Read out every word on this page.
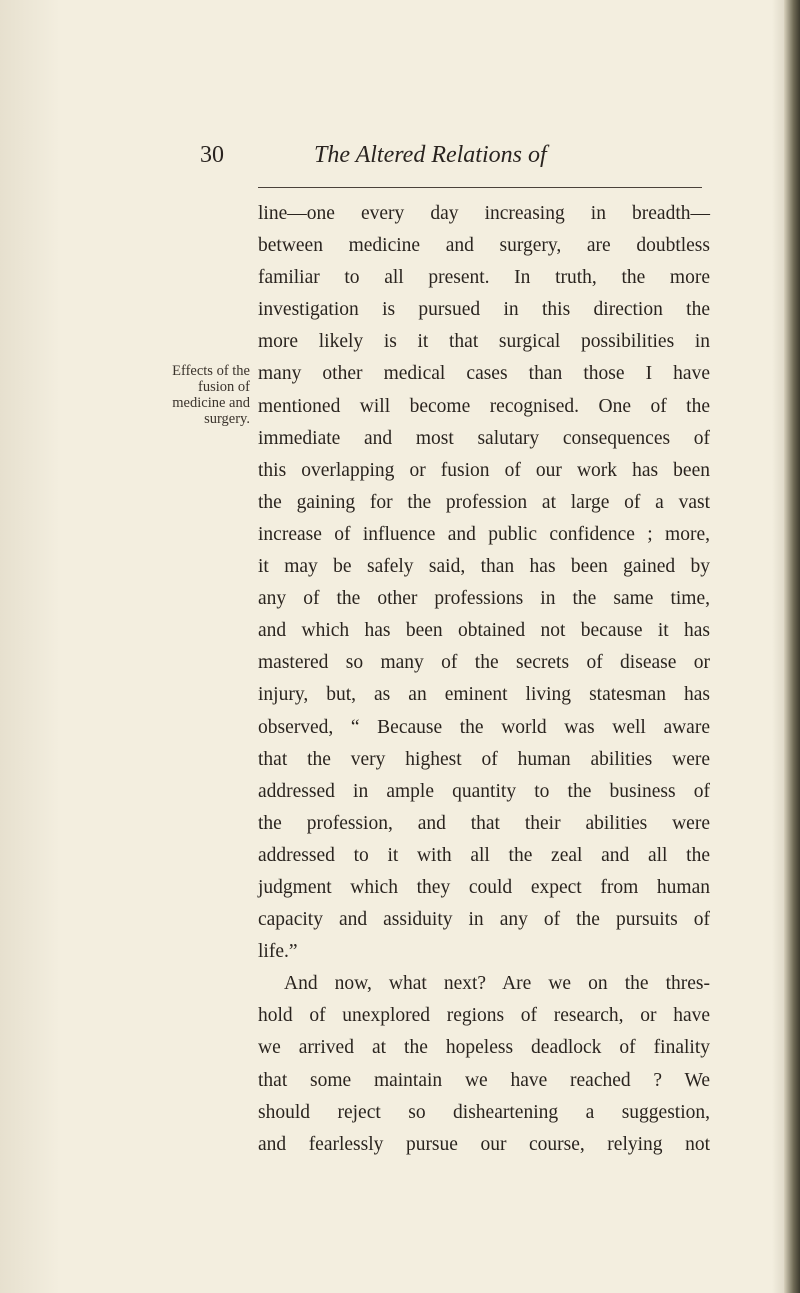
30	The Altered Relations of
Effects of the
fusion of
medicine and
surgery.
line—one every day increasing in breadth—
between medicine and surgery, are doubtless
familiar to all present. In truth, the more
investigation is pursued in this direction the
more likely is it that surgical possibilities in
many other medical cases than those I have
mentioned will become recognised. One of the
immediate and most salutary consequences of
this overlapping or fusion of our work has been
the gaining for the profession at large of a vast
increase of influence and public confidence ; more,
it may be safely said, than has been gained by
any of the other professions in the same time,
and which has been obtained not because it has
mastered so many of the secrets of disease or
injury, but, as an eminent living statesman has
observed, “ Because the world was well aware
that the very highest of human abilities were
addressed in ample quantity to the business of
the profession, and that their abilities were
addressed to it with all the zeal and all the
judgment which they could expect from human
capacity and assiduity in any of the pursuits of
life.”
And now, what next? Are we on the thres-
hold of unexplored regions of research, or have
we arrived at the hopeless deadlock of finality
that some maintain we have reached ? We
should reject so disheartening a suggestion,
and fearlessly pursue our course, relying not
